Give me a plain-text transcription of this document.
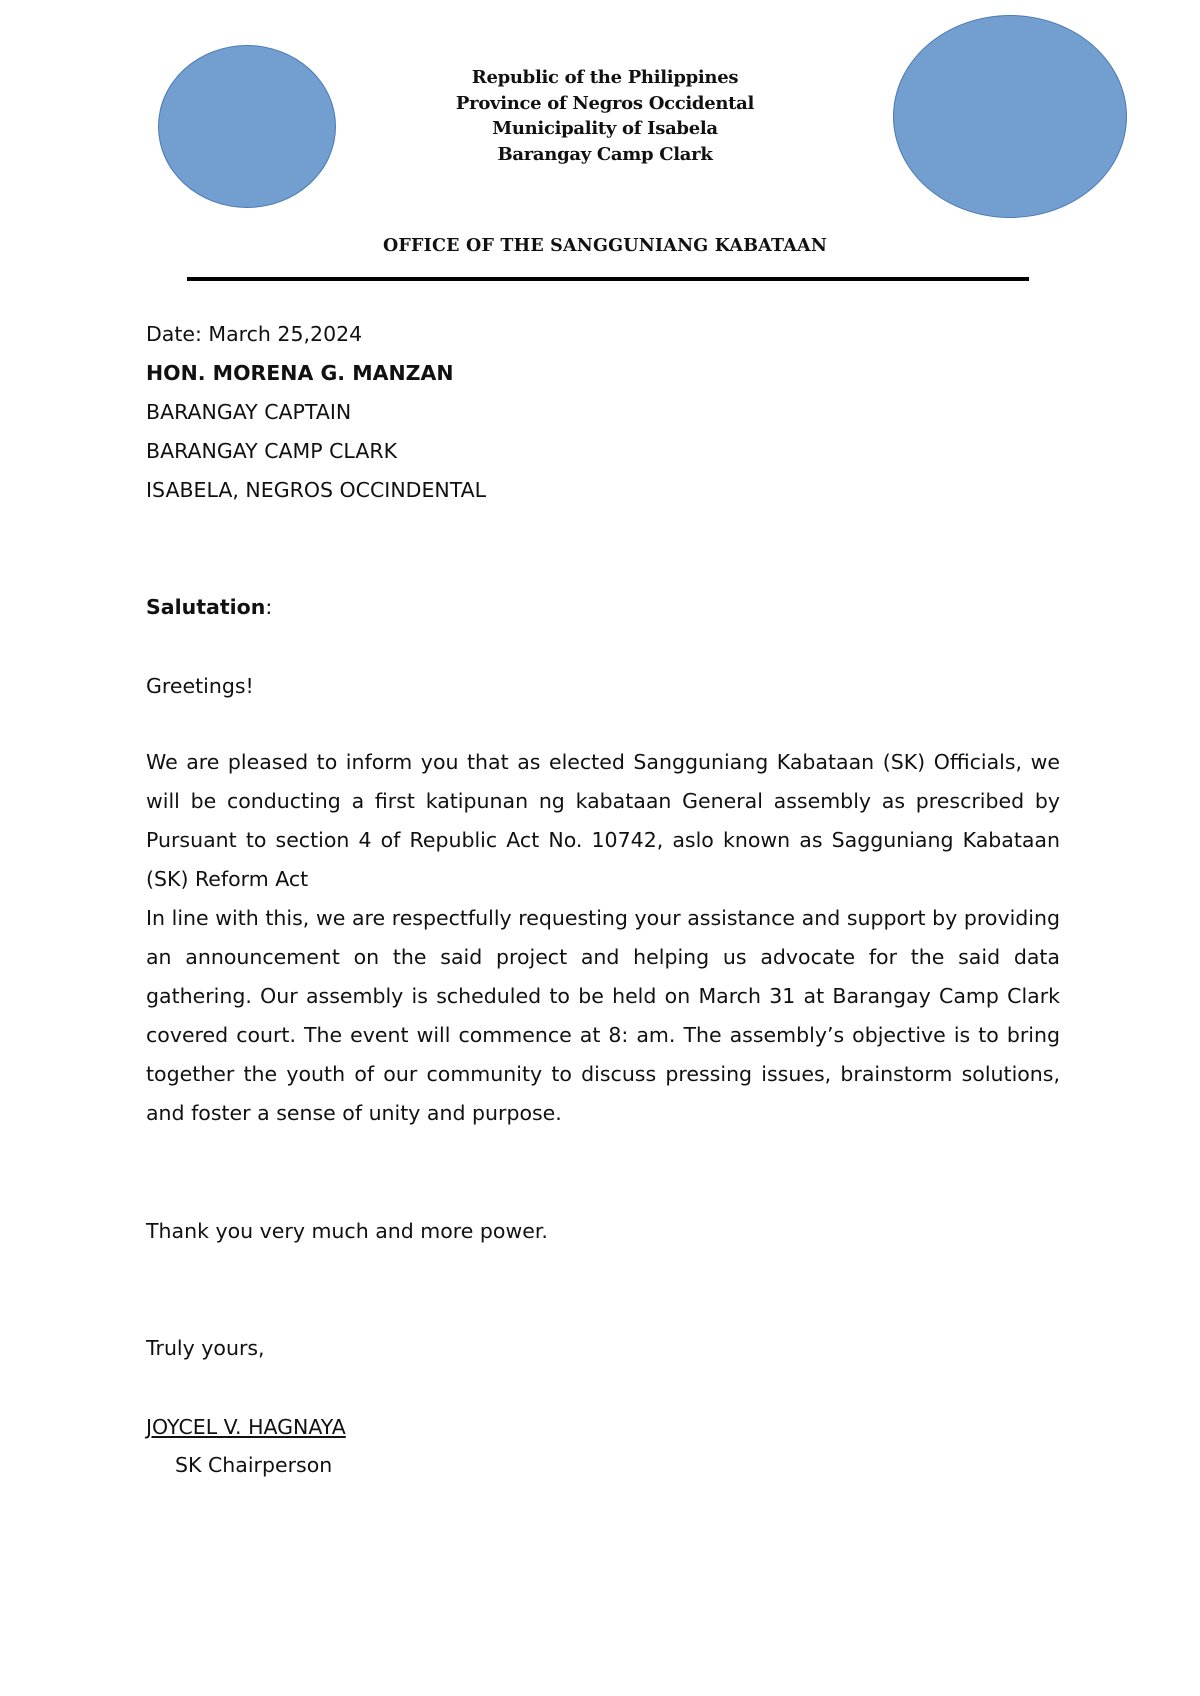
Republic of the Philippines
Province of Negros Occidental
Municipality of Isabela
Barangay Camp Clark
OFFICE OF THE SANGGUNIANG KABATAAN
Date: March 25,2024
HON. MORENA G. MANZAN
BARANGAY CAPTAIN
BARANGAY CAMP CLARK
ISABELA, NEGROS OCCINDENTAL
Salutation:
Greetings!

We are pleased to inform you that as elected Sangguniang Kabataan (SK) Officials, we will be conducting a first katipunan ng kabataan General assembly as prescribed by Pursuant to section 4 of Republic Act No. 10742, aslo known as Sagguniang Kabataan (SK) Reform Act

In line with this, we are respectfully requesting your assistance and support by providing an announcement on the said project and helping us advocate for the said data gathering. Our assembly is scheduled to be held on March 31 at Barangay Camp Clark covered court. The event will commence at 8: am. The assembly’s objective is to bring together the youth of our community to discuss pressing issues, brainstorm solutions, and foster a sense of unity and purpose.

Thank you very much and more power.
Truly yours,
JOYCEL V. HAGNAYA
SK Chairperson
